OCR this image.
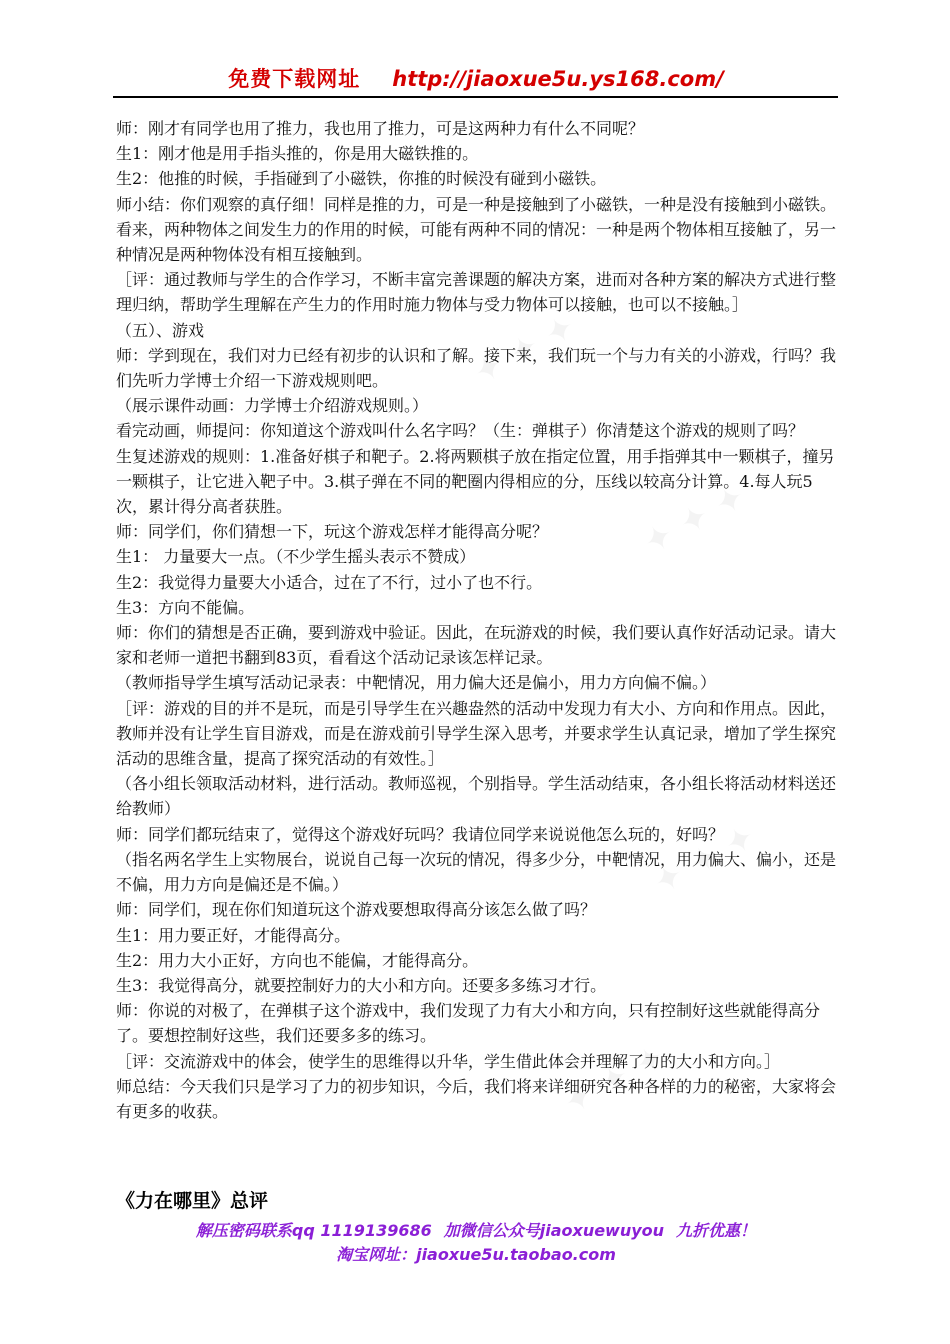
✦ ✦ ✦
✦ ✦ ✦
✦ ✦ ✦
✦ ✦ ✦
免费下载网址 http://jiaoxue5u.ys168.com/

师：刚才有同学也用了推力，我也用了推力，可是这两种力有什么不同呢？

生1：刚才他是用手指头推的，你是用大磁铁推的。

生2：他推的时候，手指碰到了小磁铁，你推的时候没有碰到小磁铁。

师小结：你们观察的真仔细！同样是推的力，可是一种是接触到了小磁铁，一种是没有接触到小磁铁。看来，两种物体之间发生力的作用的时候，可能有两种不同的情况：一种是两个物体相互接触了，另一种情况是两种物体没有相互接触到。

［评：通过教师与学生的合作学习，不断丰富完善课题的解决方案，进而对各种方案的解决方式进行整理归纳，帮助学生理解在产生力的作用时施力物体与受力物体可以接触，也可以不接触。］

（五）、游戏

师：学到现在，我们对力已经有初步的认识和了解。接下来，我们玩一个与力有关的小游戏，行吗？我们先听力学博士介绍一下游戏规则吧。

（展示课件动画：力学博士介绍游戏规则。）

看完动画，师提问：你知道这个游戏叫什么名字吗？（生：弹棋子）你清楚这个游戏的规则了吗？

生复述游戏的规则：1.准备好棋子和靶子。2.将两颗棋子放在指定位置，用手指弹其中一颗棋子，撞另一颗棋子，让它进入靶子中。3.棋子弹在不同的靶圈内得相应的分，压线以较高分计算。4.每人玩5次，累计得分高者获胜。

师：同学们，你们猜想一下，玩这个游戏怎样才能得高分呢？

生1： 力量要大一点。（不少学生摇头表示不赞成）

生2：我觉得力量要大小适合，过在了不行，过小了也不行。

生3：方向不能偏。

师：你们的猜想是否正确，要到游戏中验证。因此，在玩游戏的时候，我们要认真作好活动记录。请大家和老师一道把书翻到83页，看看这个活动记录该怎样记录。

（教师指导学生填写活动记录表：中靶情况，用力偏大还是偏小，用力方向偏不偏。）

［评：游戏的目的并不是玩，而是引导学生在兴趣盎然的活动中发现力有大小、方向和作用点。因此，教师并没有让学生盲目游戏，而是在游戏前引导学生深入思考，并要求学生认真记录，增加了学生探究活动的思维含量，提高了探究活动的有效性。］

（各小组长领取活动材料，进行活动。教师巡视，个别指导。学生活动结束，各小组长将活动材料送还给教师）

师：同学们都玩结束了，觉得这个游戏好玩吗？我请位同学来说说他怎么玩的，好吗？

（指名两名学生上实物展台，说说自己每一次玩的情况，得多少分，中靶情况，用力偏大、偏小，还是不偏，用力方向是偏还是不偏。）

师：同学们，现在你们知道玩这个游戏要想取得高分该怎么做了吗？

生1：用力要正好，才能得高分。

生2：用力大小正好，方向也不能偏，才能得高分。

生3：我觉得高分，就要控制好力的大小和方向。还要多多练习才行。

师：你说的对极了，在弹棋子这个游戏中，我们发现了力有大小和方向，只有控制好这些就能得高分了。要想控制好这些，我们还要多多的练习。

［评：交流游戏中的体会，使学生的思维得以升华，学生借此体会并理解了力的大小和方向。］

师总结：今天我们只是学习了力的初步知识，今后，我们将来详细研究各种各样的力的秘密，大家将会有更多的收获。

《力在哪里》总评
解压密码联系qq 1119139686 加微信公众号jiaoxuewuyou 九折优惠！
淘宝网址：jiaoxue5u.taobao.com
